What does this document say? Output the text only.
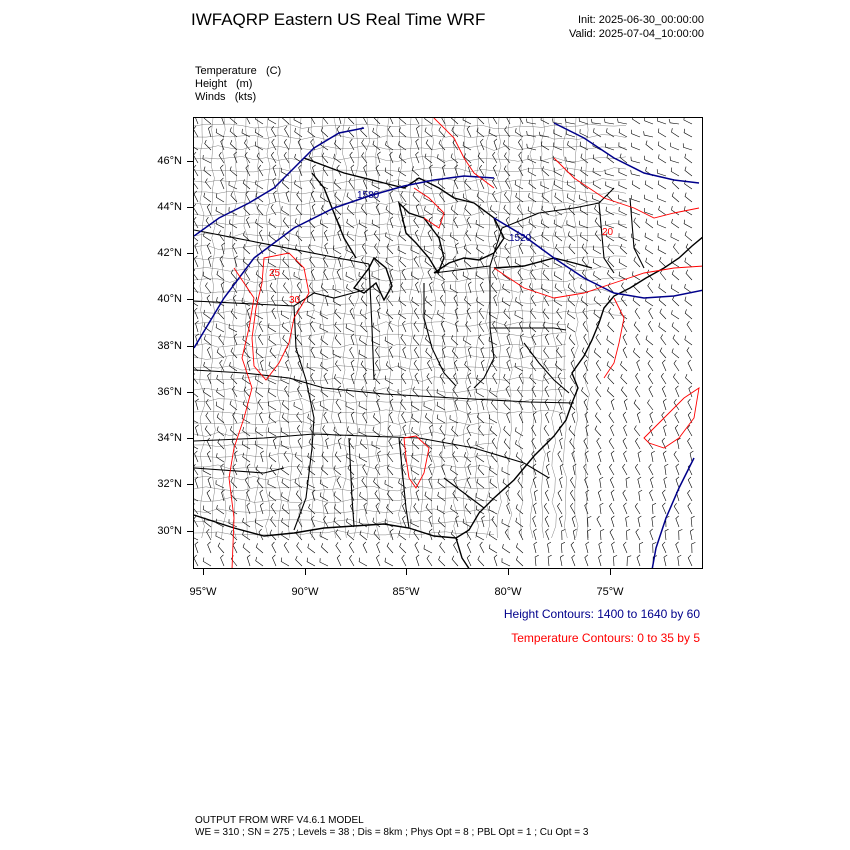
IWFAQRP Eastern US Real Time WRF	Init: 2025-06-30_00:00:00
Valid: 2025-07-04_10:00:00
Temperature (C)
Height (m)
Winds (kts)
1580
1520
25
30
20
46°N
44°N
42°N
40°N
38°N
36°N
34°N
32°N
30°N
95°W	90°W	85°W	80°W	75°W
Height Contours: 1400 to 1640 by 60
Temperature Contours: 0 to 35 by 5
OUTPUT FROM WRF V4.6.1 MODEL
WE = 310 ; SN = 275 ; Levels = 38 ; Dis = 8km ; Phys Opt = 8 ; PBL Opt = 1 ; Cu Opt = 3
